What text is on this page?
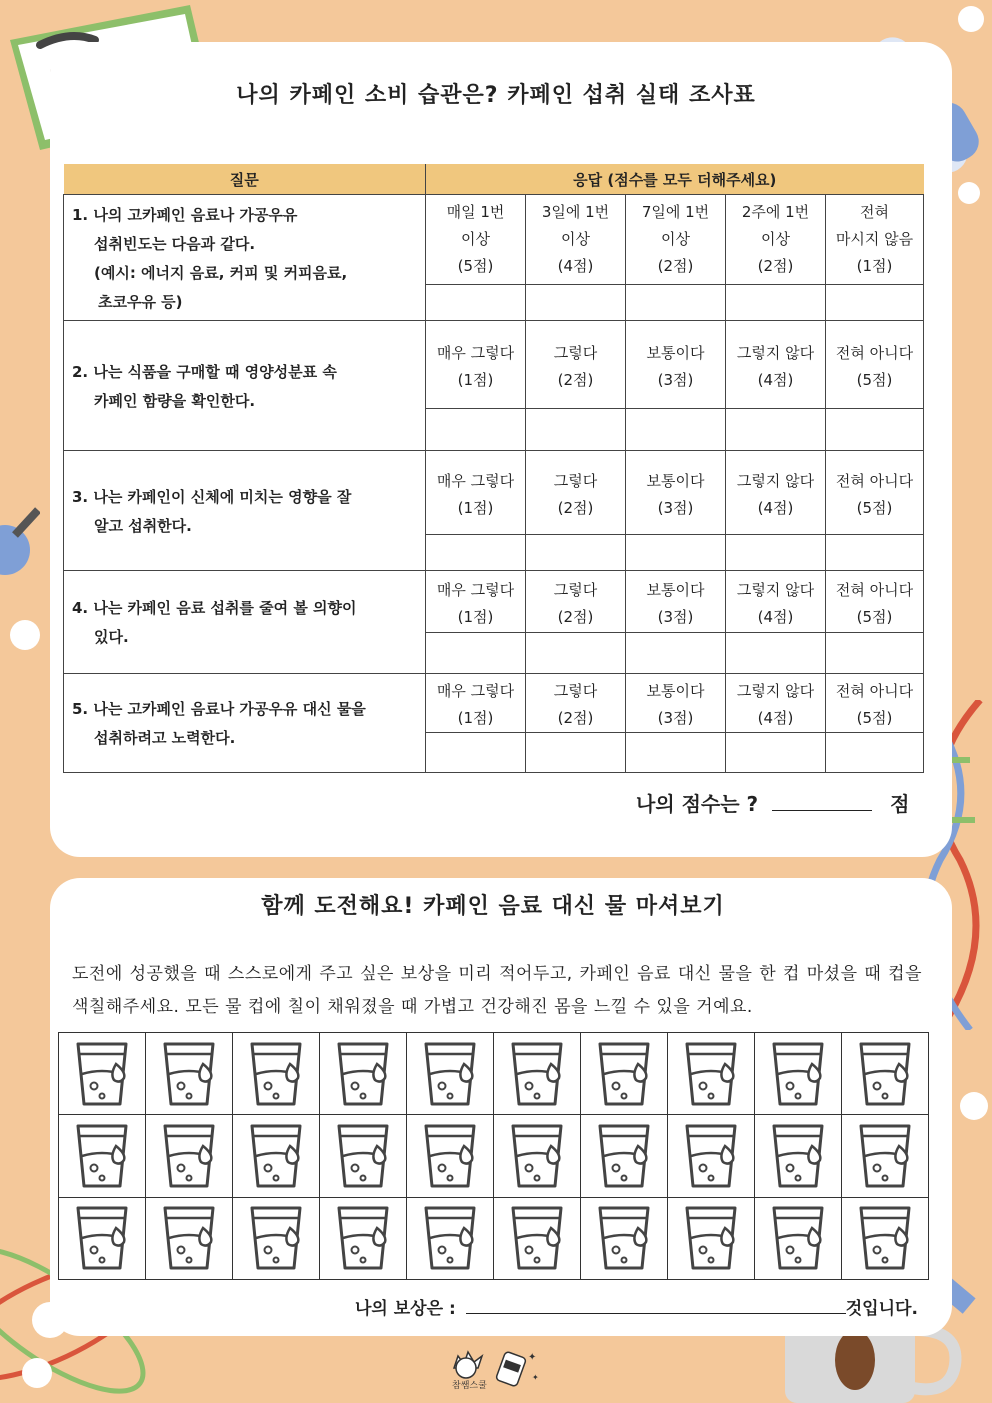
나의 카페인 소비 습관은? 카페인 섭취 실태 조사표
질문	응답 (점수를 모두 더해주세요)				

1. 나의 고카페인 음료나 가공우유
섭취빈도는 다음과 같다.
(예시: 에너지 음료, 커피 및 커피음료,
초코우유 등)	매일 1번
이상
(5점)	3일에 1번
이상
(4점)	7일에 1번
이상
(2점)	2주에 1번
이상
(2점)	전혀
마시지 않음
(1점)

2. 나는 식품을 구매할 때 영양성분표 속
카페인 함량을 확인한다.	매우 그렇다
(1점)	그렇다
(2점)	보통이다
(3점)	그렇지 않다
(4점)	전혀 아니다
(5점)

3. 나는 카페인이 신체에 미치는 영향을 잘
알고 섭취한다.	매우 그렇다
(1점)	그렇다
(2점)	보통이다
(3점)	그렇지 않다
(4점)	전혀 아니다
(5점)

4. 나는 카페인 음료 섭취를 줄여 볼 의향이
있다.	매우 그렇다
(1점)	그렇다
(2점)	보통이다
(3점)	그렇지 않다
(4점)	전혀 아니다
(5점)

5. 나는 고카페인 음료나 가공우유 대신 물을
섭취하려고 노력한다.	매우 그렇다
(1점)	그렇다
(2점)	보통이다
(3점)	그렇지 않다
(4점)	전혀 아니다
(5점)

나의 점수는 ?	점
함께 도전해요! 카페인 음료 대신 물 마셔보기
도전에 성공했을 때 스스로에게 주고 싶은 보상을 미리 적어두고, 카페인 음료 대신 물을 한 컵 마셨을 때 컵을 색칠해주세요. 모든 물 컵에 칠이 채워졌을 때 가볍고 건강해진 몸을 느낄 수 있을 거예요.

나의 보상은 :	것입니다.
참쌤스쿨
✦
✦
